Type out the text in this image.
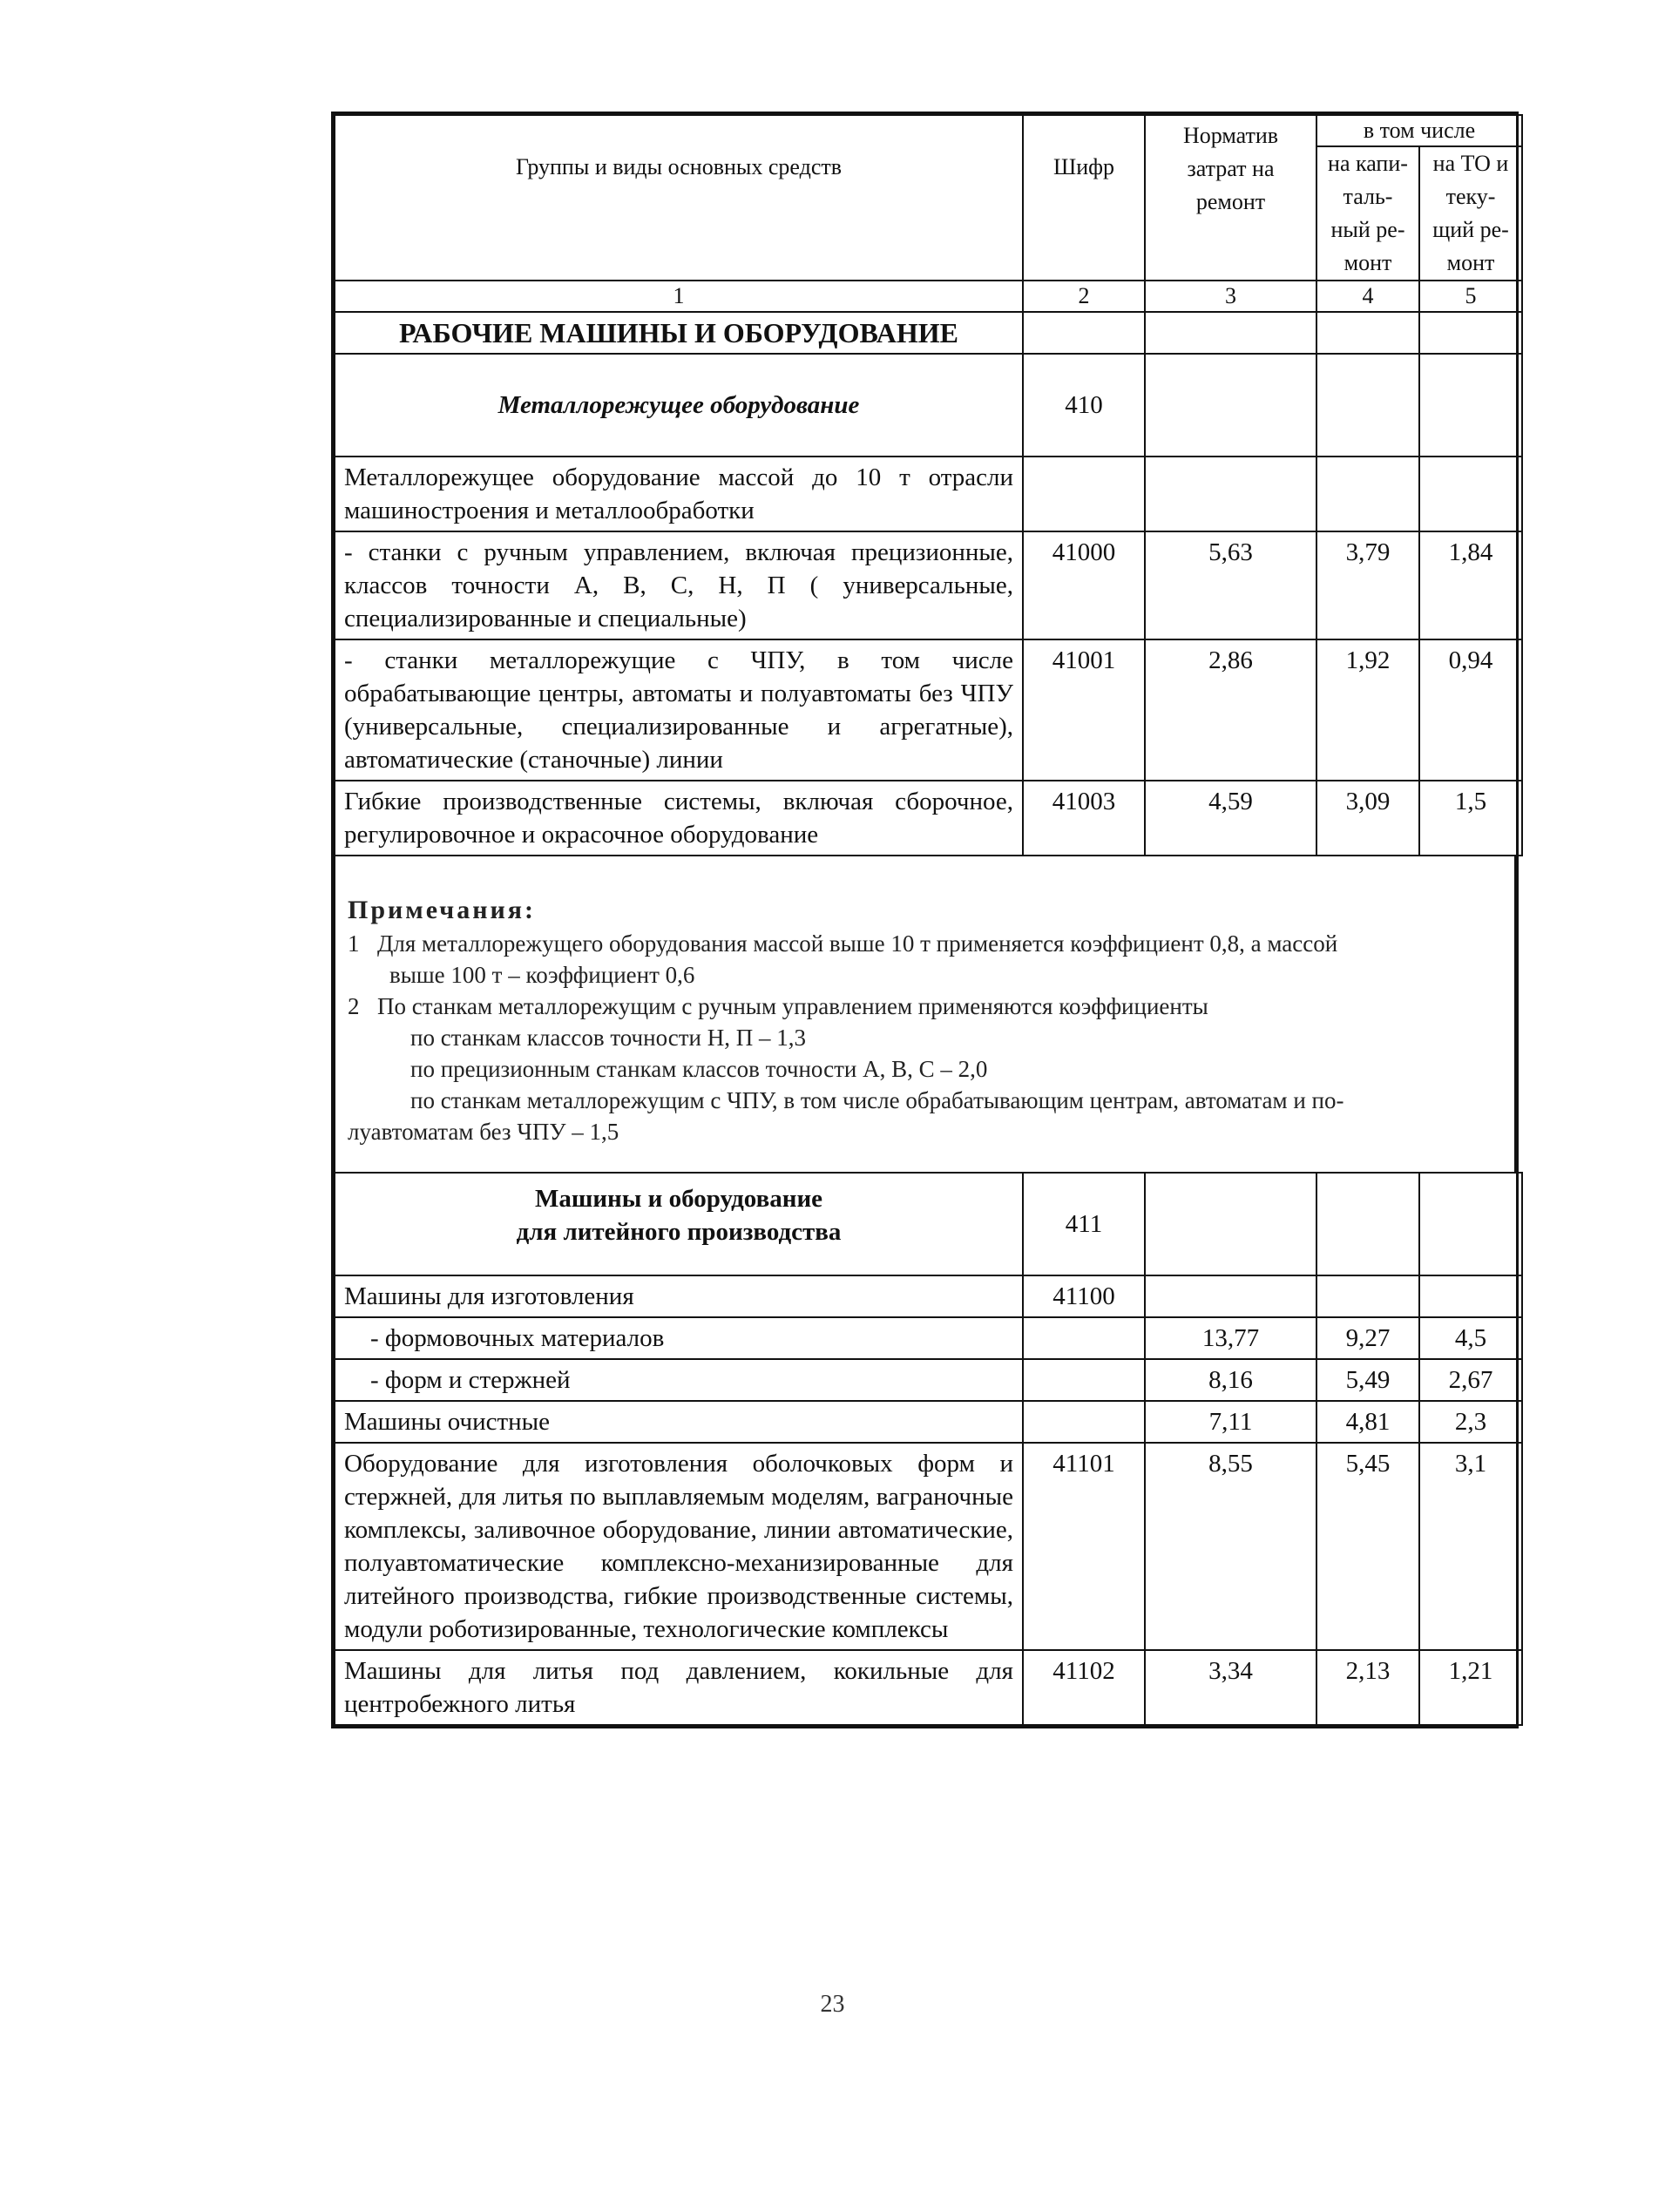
Группы и виды основных средств	Шифр	Норматив затрат на ремонт	в том числе	
			на капи-таль-ный ре-монт	на ТО и теку-щий ре-монт
1	2	3	4	5
РАБОЧИЕ МАШИНЫ И ОБОРУДОВАНИЕ				
Металлорежущее оборудование	410			
Металлорежущее оборудование массой до 10 т отрасли машиностроения и металлообработки				
- станки с ручным управлением, включая прецизионные, классов точности А, В, С, Н, П ( универсальные, специализированные и специальные)	41000	5,63	3,79	1,84
- станки металлорежущие с ЧПУ, в том числе обрабатывающие центры, автоматы и полуавтоматы без ЧПУ (универсальные, специализированные и агрегатные), автоматические (станочные) линии	41001	2,86	1,92	0,94
Гибкие производственные системы, включая сборочное, регулировочное и окрасочное оборудование	41003	4,59	3,09	1,5
Примечания:
1 Для металлорежущего оборудования массой выше 10 т применяется коэффициент 0,8, а массой
выше 100 т – коэффициент 0,6
2 По станкам металлорежущим с ручным управлением применяются коэффициенты
по станкам классов точности Н, П – 1,3
по прецизионным станкам классов точности А, В, С – 2,0
по станкам металлорежущим с ЧПУ, в том числе обрабатывающим центрам, автоматам и по-
луавтоматам без ЧПУ – 1,5
Машины и оборудование
для литейного производства	411			
Машины для изготовления	41100			
- формовочных материалов		13,77	9,27	4,5
- форм и стержней		8,16	5,49	2,67
Машины очистные		7,11	4,81	2,3
Оборудование для изготовления оболочковых форм и стержней, для литья по выплавляемым моделям, ваграночные комплексы, заливочное оборудование, линии автоматические, полуавтоматические комплексно-механизированные для литейного производства, гибкие производственные системы, модули роботизированные, технологические комплексы	41101	8,55	5,45	3,1
Машины для литья под давлением, кокильные для центробежного литья	41102	3,34	2,13	1,21
23
